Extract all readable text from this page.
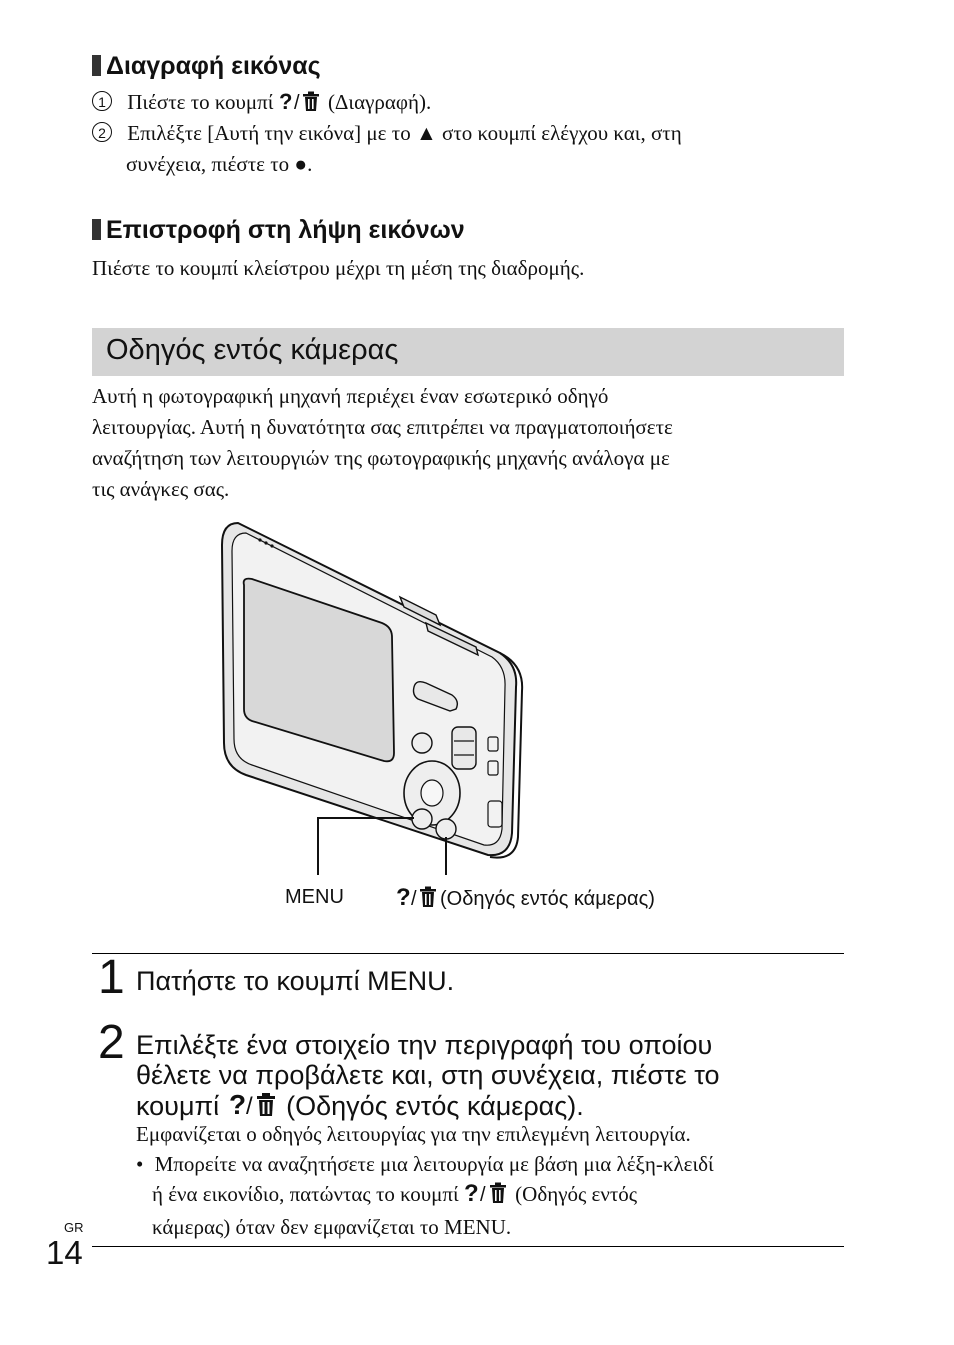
Διαγραφή εικόνας
1 Πιέστε το κουμπί ? / (Διαγραφή).
2 Επιλέξτε [Αυτή την εικόνα] με το ▲ στο κουμπί ελέγχου και, στη
συνέχεια, πιέστε το ●.
Επιστροφή στη λήψη εικόνων
Πιέστε το κουμπί κλείστρου μέχρι τη μέση της διαδρομής.
Οδηγός εντός κάμερας
Αυτή η φωτογραφική μηχανή περιέχει έναν εσωτερικό οδηγό
λειτουργίας. Αυτή η δυνατότητα σας επιτρέπει να πραγματοποιήσετε
αναζήτηση των λειτουργιών της φωτογραφικής μηχανής ανάλογα με
τις ανάγκες σας.
MENU ? / (Οδηγός εντός κάμερας)
1 Πατήστε το κουμπί MENU.
2 Επιλέξτε ένα στοιχείο την περιγραφή του οποίου
θέλετε να προβάλετε και, στη συνέχεια, πιέστε το
κουμπί ? / (Οδηγός εντός κάμερας).
Εμφανίζεται ο οδηγός λειτουργίας για την επιλεγμένη λειτουργία.
• Μπορείτε να αναζητήσετε μια λειτουργία με βάση μια λέξη-κλειδί
ή ένα εικονίδιο, πατώντας το κουμπί ? / (Οδηγός εντός
κάμερας) όταν δεν εμφανίζεται το MENU.
GR
14
